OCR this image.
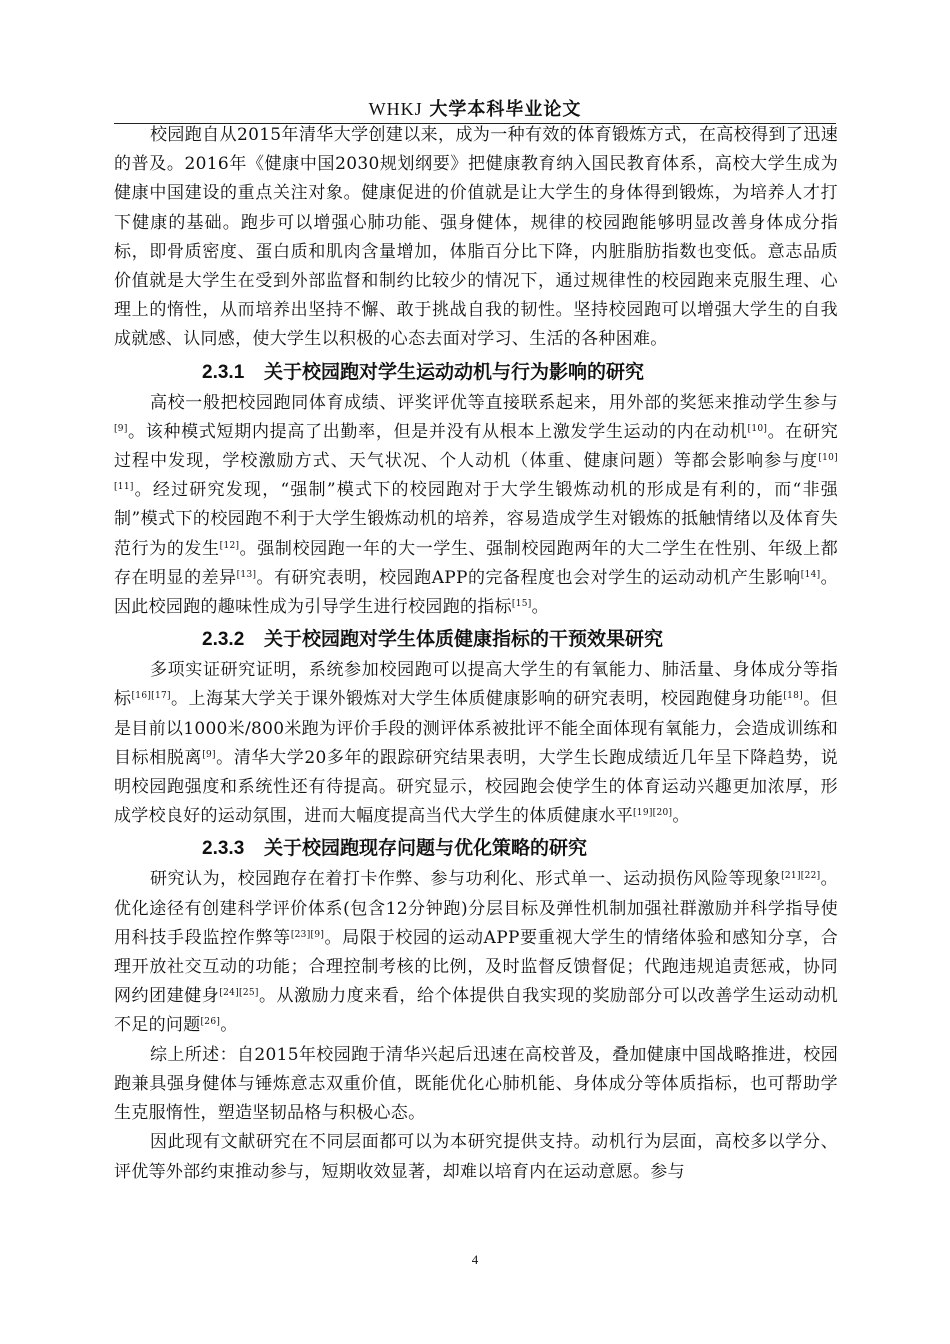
WHKJ 大学本科毕业论文

校园跑自从2015年清华大学创建以来，成为一种有效的体育锻炼方式，在高校得到了迅速的普及。2016年《健康中国2030规划纲要》把健康教育纳入国民教育体系，高校大学生成为健康中国建设的重点关注对象。健康促进的价值就是让大学生的身体得到锻炼，为培养人才打下健康的基础。跑步可以增强心肺功能、强身健体，规律的校园跑能够明显改善身体成分指标，即骨质密度、蛋白质和肌肉含量增加，体脂百分比下降，内脏脂肪指数也变低。意志品质价值就是大学生在受到外部监督和制约比较少的情况下，通过规律性的校园跑来克服生理、心理上的惰性，从而培养出坚持不懈、敢于挑战自我的韧性。坚持校园跑可以增强大学生的自我成就感、认同感，使大学生以积极的心态去面对学习、生活的各种困难。

2.3.1 关于校园跑对学生运动动机与行为影响的研究

高校一般把校园跑同体育成绩、评奖评优等直接联系起来，用外部的奖惩来推动学生参与[9]。该种模式短期内提高了出勤率，但是并没有从根本上激发学生运动的内在动机[10]。在研究过程中发现，学校激励方式、天气状况、个人动机（体重、健康问题）等都会影响参与度[10][11]。经过研究发现，“强制”模式下的校园跑对于大学生锻炼动机的形成是有利的，而“非强制”模式下的校园跑不利于大学生锻炼动机的培养，容易造成学生对锻炼的抵触情绪以及体育失范行为的发生[12]。强制校园跑一年的大一学生、强制校园跑两年的大二学生在性别、年级上都存在明显的差异[13]。有研究表明，校园跑APP的完备程度也会对学生的运动动机产生影响[14]。因此校园跑的趣味性成为引导学生进行校园跑的指标[15]。

2.3.2 关于校园跑对学生体质健康指标的干预效果研究

多项实证研究证明，系统参加校园跑可以提高大学生的有氧能力、肺活量、身体成分等指标[16][17]。上海某大学关于课外锻炼对大学生体质健康影响的研究表明，校园跑健身功能[18]。但是目前以1000米/800米跑为评价手段的测评体系被批评不能全面体现有氧能力，会造成训练和目标相脱离[9]。清华大学20多年的跟踪研究结果表明，大学生长跑成绩近几年呈下降趋势，说明校园跑强度和系统性还有待提高。研究显示，校园跑会使学生的体育运动兴趣更加浓厚，形成学校良好的运动氛围，进而大幅度提高当代大学生的体质健康水平[19][20]。

2.3.3 关于校园跑现存问题与优化策略的研究

研究认为，校园跑存在着打卡作弊、参与功利化、形式单一、运动损伤风险等现象[21][22]。优化途径有创建科学评价体系(包含12分钟跑)分层目标及弹性机制加强社群激励并科学指导使用科技手段监控作弊等[23][9]。局限于校园的运动APP要重视大学生的情绪体验和感知分享，合理开放社交互动的功能；合理控制考核的比例，及时监督反馈督促；代跑违规追责惩戒，协同网约团建健身[24][25]。从激励力度来看，给个体提供自我实现的奖励部分可以改善学生运动动机不足的问题[26]。

综上所述：自2015年校园跑于清华兴起后迅速在高校普及，叠加健康中国战略推进，校园跑兼具强身健体与锤炼意志双重价值，既能优化心肺机能、身体成分等体质指标，也可帮助学生克服惰性，塑造坚韧品格与积极心态。

因此现有文献研究在不同层面都可以为本研究提供支持。动机行为层面，高校多以学分、评优等外部约束推动参与，短期收效显著，却难以培育内在运动意愿。参与

4
